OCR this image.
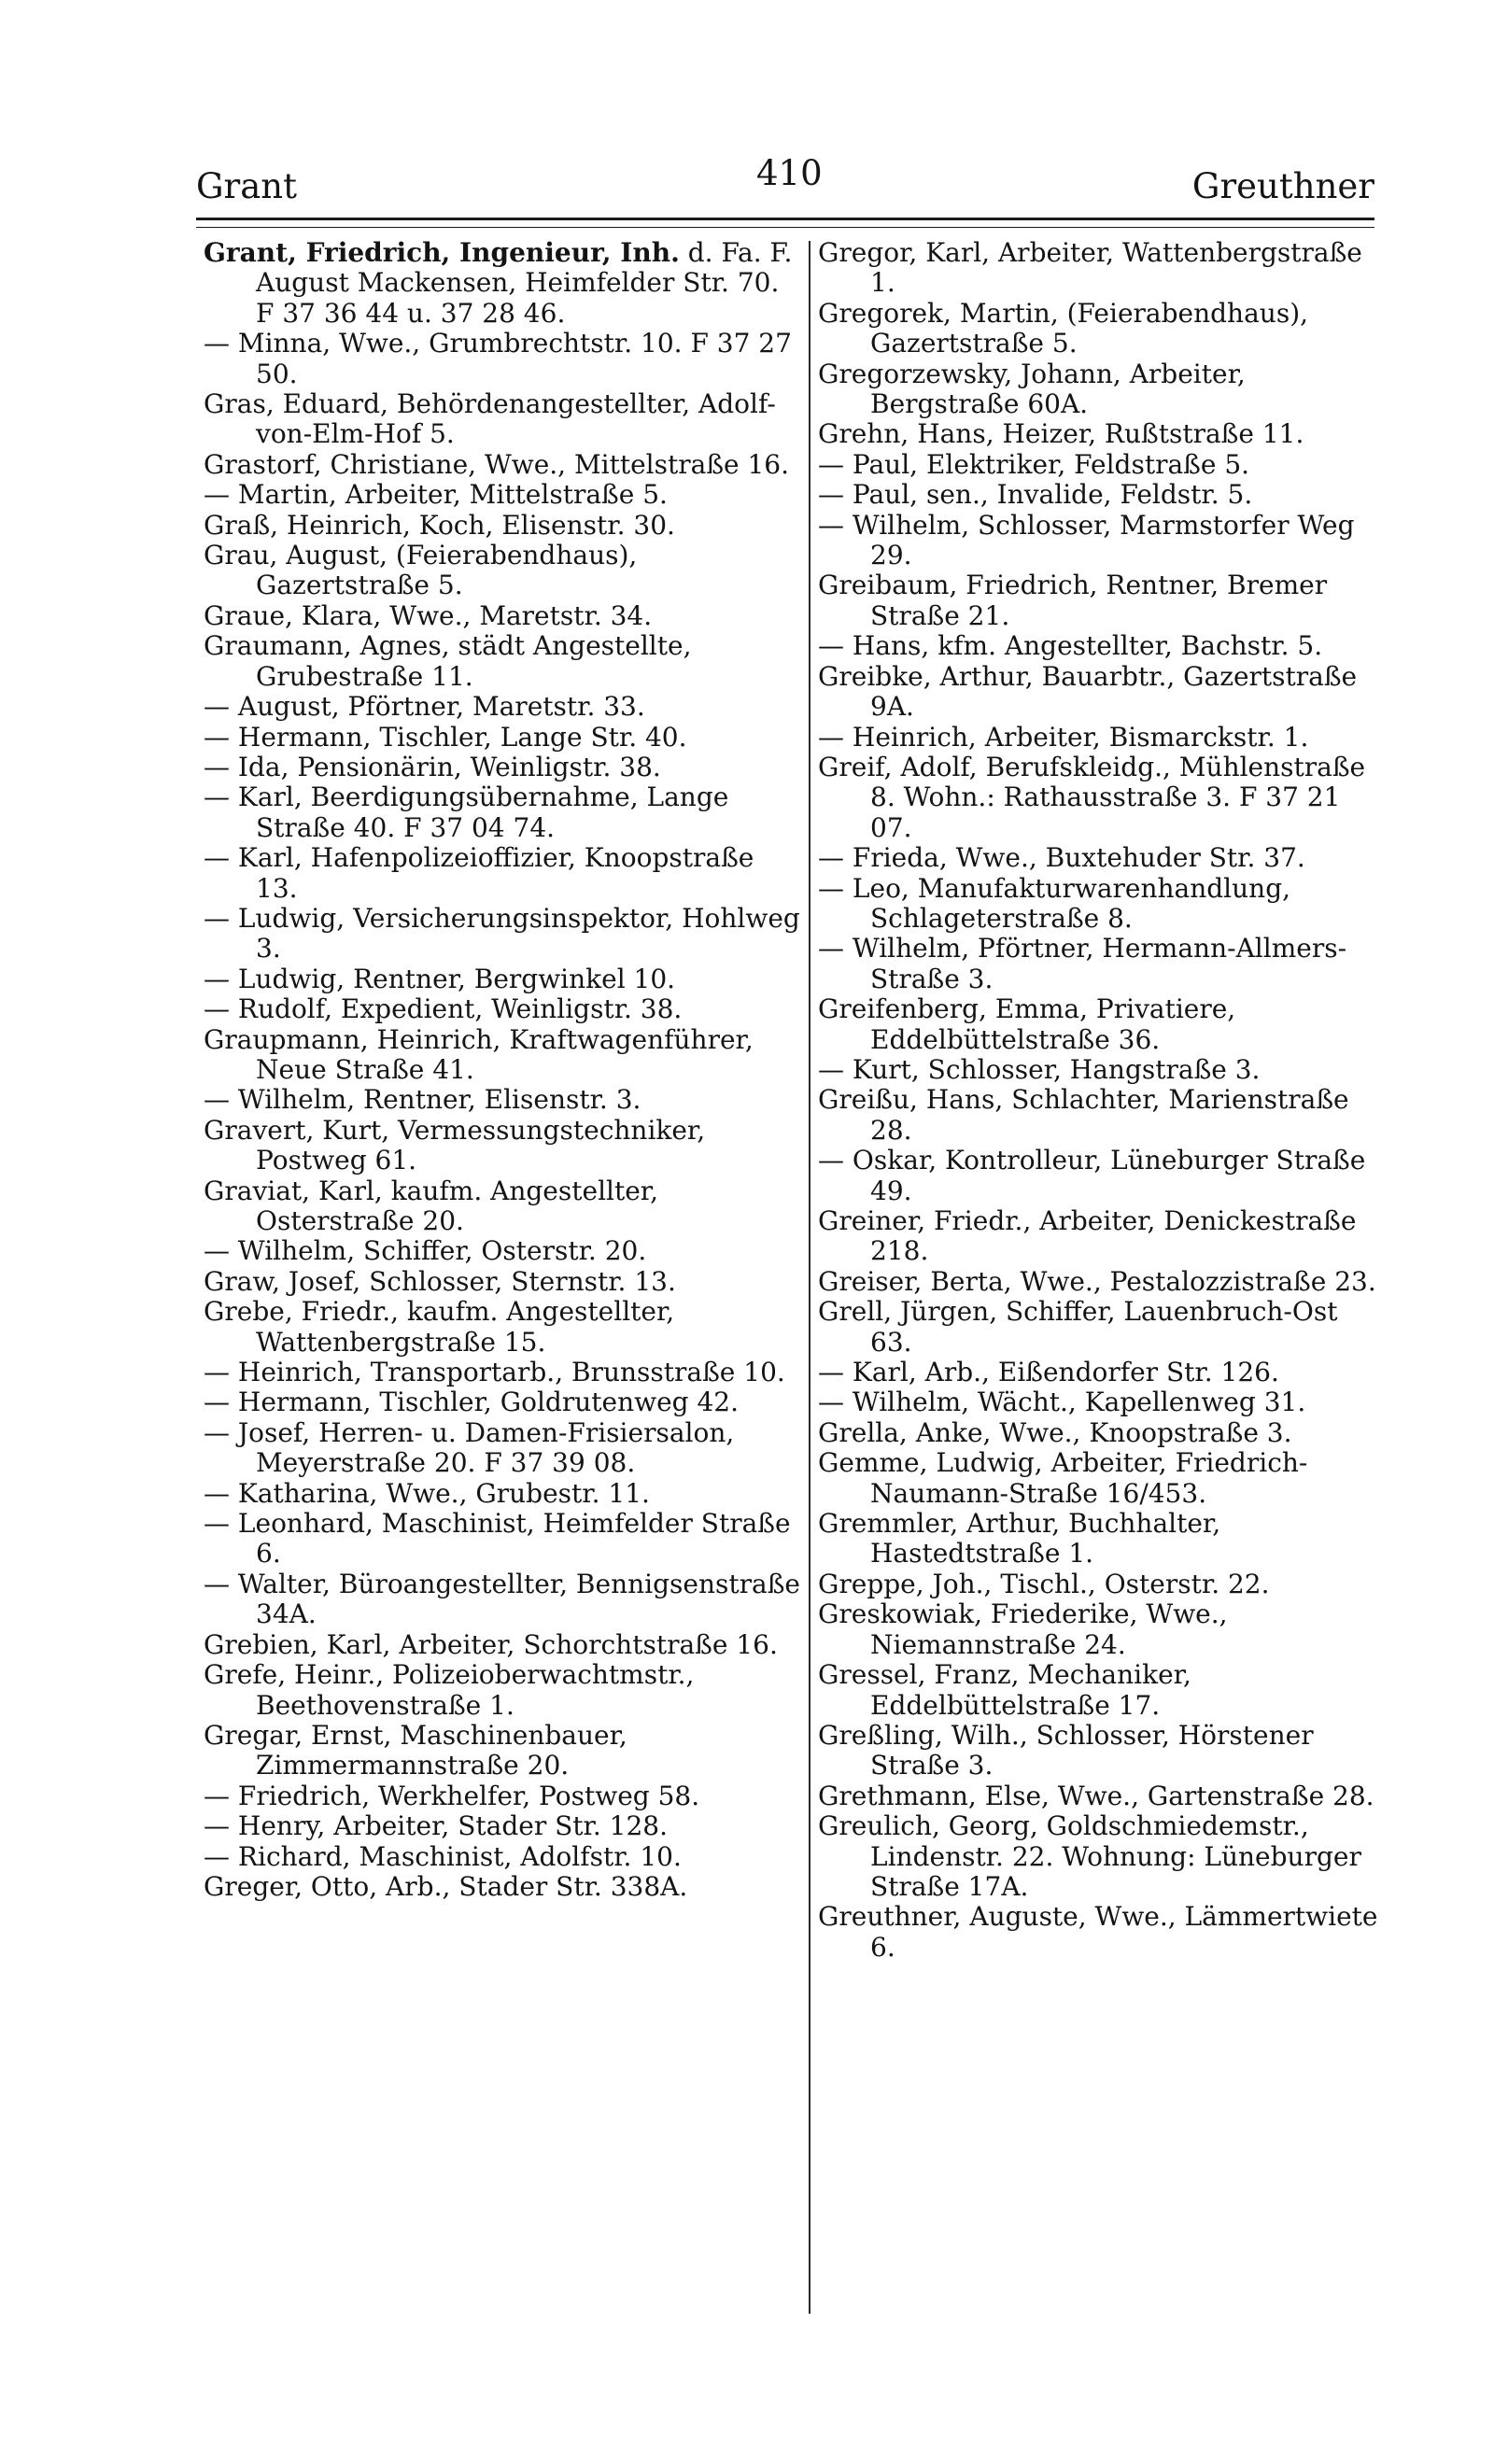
Grant	410	Greuthner

Grant, Friedrich, Ingenieur, Inh. d. Fa. F. August Mackensen, Heimfelder Str. 70. F 37 36 44 u. 37 28 46.

— Minna, Wwe., Grumbrechtstr. 10. F 37 27 50.

Gras, Eduard, Behördenangestellter, Adolf-von-Elm-Hof 5.

Grastorf, Christiane, Wwe., Mittelstraße 16.

— Martin, Arbeiter, Mittelstraße 5.

Graß, Heinrich, Koch, Elisenstr. 30.

Grau, August, (Feierabendhaus), Gazertstraße 5.

Graue, Klara, Wwe., Maretstr. 34.

Graumann, Agnes, städt Angestellte, Grubestraße 11.

— August, Pförtner, Maretstr. 33.

— Hermann, Tischler, Lange Str. 40.

— Ida, Pensionärin, Weinligstr. 38.

— Karl, Beerdigungsübernahme, Lange Straße 40. F 37 04 74.

— Karl, Hafenpolizeioffizier, Knoopstraße 13.

— Ludwig, Versicherungsinspektor, Hohlweg 3.

— Ludwig, Rentner, Bergwinkel 10.

— Rudolf, Expedient, Weinligstr. 38.

Graupmann, Heinrich, Kraftwagenführer, Neue Straße 41.

— Wilhelm, Rentner, Elisenstr. 3.

Gravert, Kurt, Vermessungstechniker, Postweg 61.

Graviat, Karl, kaufm. Angestellter, Osterstraße 20.

— Wilhelm, Schiffer, Osterstr. 20.

Graw, Josef, Schlosser, Sternstr. 13.

Grebe, Friedr., kaufm. Angestellter, Wattenbergstraße 15.

— Heinrich, Transportarb., Brunsstraße 10.

— Hermann, Tischler, Goldrutenweg 42.

— Josef, Herren- u. Damen-Frisiersalon, Meyerstraße 20. F 37 39 08.

— Katharina, Wwe., Grubestr. 11.

— Leonhard, Maschinist, Heimfelder Straße 6.

— Walter, Büroangestellter, Bennigsenstraße 34A.

Grebien, Karl, Arbeiter, Schorchtstraße 16.

Grefe, Heinr., Polizeioberwachtmstr., Beethovenstraße 1.

Gregar, Ernst, Maschinenbauer, Zimmermannstraße 20.

— Friedrich, Werkhelfer, Postweg 58.

— Henry, Arbeiter, Stader Str. 128.

— Richard, Maschinist, Adolfstr. 10.

Greger, Otto, Arb., Stader Str. 338A.

Gregor, Karl, Arbeiter, Wattenbergstraße 1.

Gregorek, Martin, (Feierabendhaus), Gazertstraße 5.

Gregorzewsky, Johann, Arbeiter, Bergstraße 60A.

Grehn, Hans, Heizer, Rußtstraße 11.

— Paul, Elektriker, Feldstraße 5.

— Paul, sen., Invalide, Feldstr. 5.

— Wilhelm, Schlosser, Marmstorfer Weg 29.

Greibaum, Friedrich, Rentner, Bremer Straße 21.

— Hans, kfm. Angestellter, Bachstr. 5.

Greibke, Arthur, Bauarbtr., Gazertstraße 9A.

— Heinrich, Arbeiter, Bismarckstr. 1.

Greif, Adolf, Berufskleidg., Mühlenstraße 8. Wohn.: Rathausstraße 3. F 37 21 07.

— Frieda, Wwe., Buxtehuder Str. 37.

— Leo, Manufakturwarenhandlung, Schlageterstraße 8.

— Wilhelm, Pförtner, Hermann-Allmers-Straße 3.

Greifenberg, Emma, Privatiere, Eddelbüttelstraße 36.

— Kurt, Schlosser, Hangstraße 3.

Greißu, Hans, Schlachter, Marienstraße 28.

— Oskar, Kontrolleur, Lüneburger Straße 49.

Greiner, Friedr., Arbeiter, Denickestraße 218.

Greiser, Berta, Wwe., Pestalozzistraße 23.

Grell, Jürgen, Schiffer, Lauenbruch-Ost 63.

— Karl, Arb., Eißendorfer Str. 126.

— Wilhelm, Wächt., Kapellenweg 31.

Grella, Anke, Wwe., Knoopstraße 3.

Gemme, Ludwig, Arbeiter, Friedrich-Naumann-Straße 16/453.

Gremmler, Arthur, Buchhalter, Hastedtstraße 1.

Greppe, Joh., Tischl., Osterstr. 22.

Greskowiak, Friederike, Wwe., Niemannstraße 24.

Gressel, Franz, Mechaniker, Eddelbüttelstraße 17.

Greßling, Wilh., Schlosser, Hörstener Straße 3.

Grethmann, Else, Wwe., Gartenstraße 28.

Greulich, Georg, Goldschmiedemstr., Lindenstr. 22. Wohnung: Lüneburger Straße 17A.

Greuthner, Auguste, Wwe., Lämmertwiete 6.
